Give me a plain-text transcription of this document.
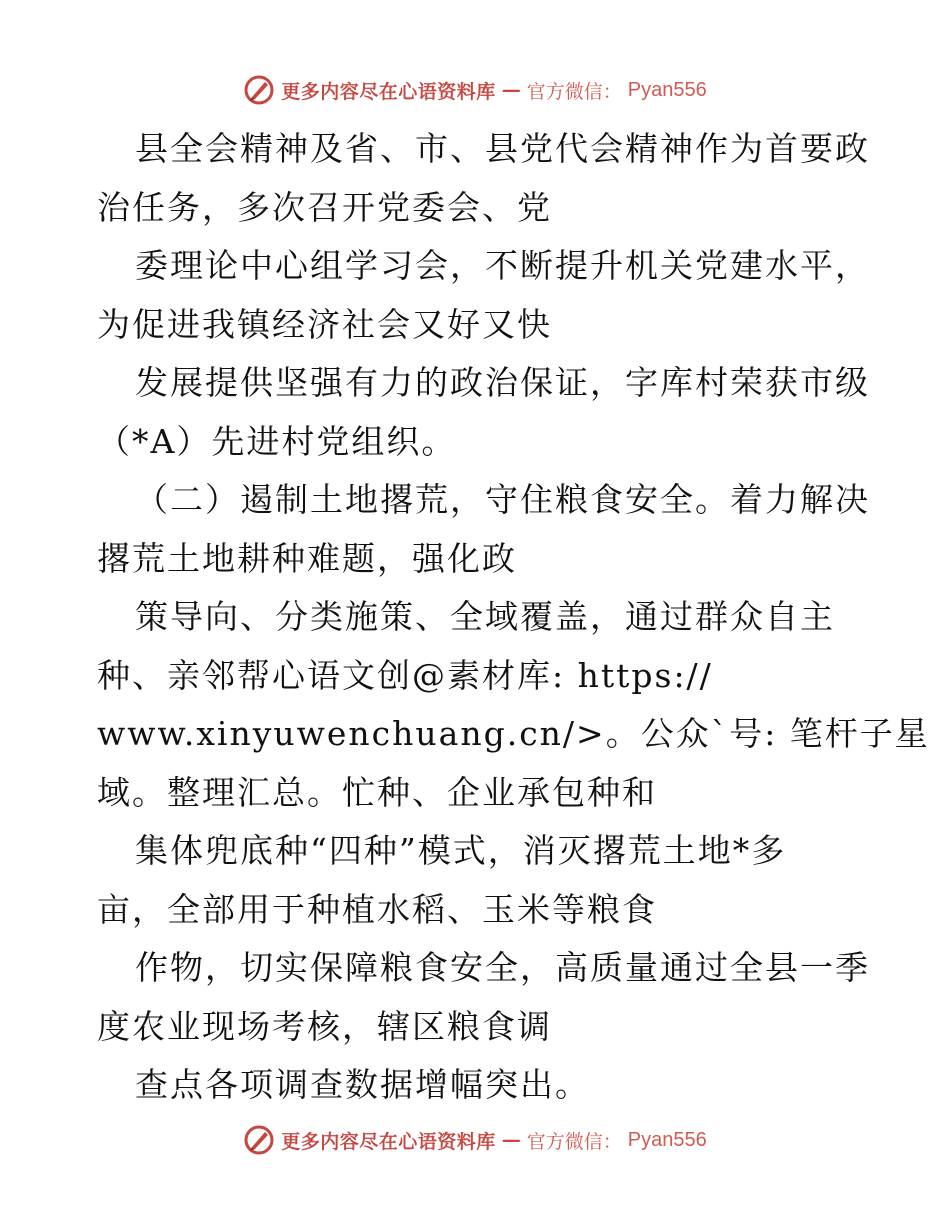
更多内容尽在心语资料库 — 官方微信： Pyan556
县全会精神及省、市、县党代会精神作为首要政
治任务，多次召开党委会、党
委理论中心组学习会，不断提升机关党建水平，
为促进我镇经济社会又好又快
发展提供坚强有力的政治保证，字库村荣获市级
（*A）先进村党组织。
（二）遏制土地撂荒，守住粮食安全。着力解决
撂荒土地耕种难题，强化政
策导向、分类施策、全域覆盖，通过群众自主
种、亲邻帮心语文创@素材库: https://
www.xinyuwenchuang.cn/>。公众`号: 笔杆子星
域。整理汇总。忙种、企业承包种和
集体兜底种“四种”模式，消灭撂荒土地*多
亩，全部用于种植水稻、玉米等粮食
作物，切实保障粮食安全，高质量通过全县一季
度农业现场考核，辖区粮食调
查点各项调查数据增幅突出。
更多内容尽在心语资料库 — 官方微信： Pyan556
